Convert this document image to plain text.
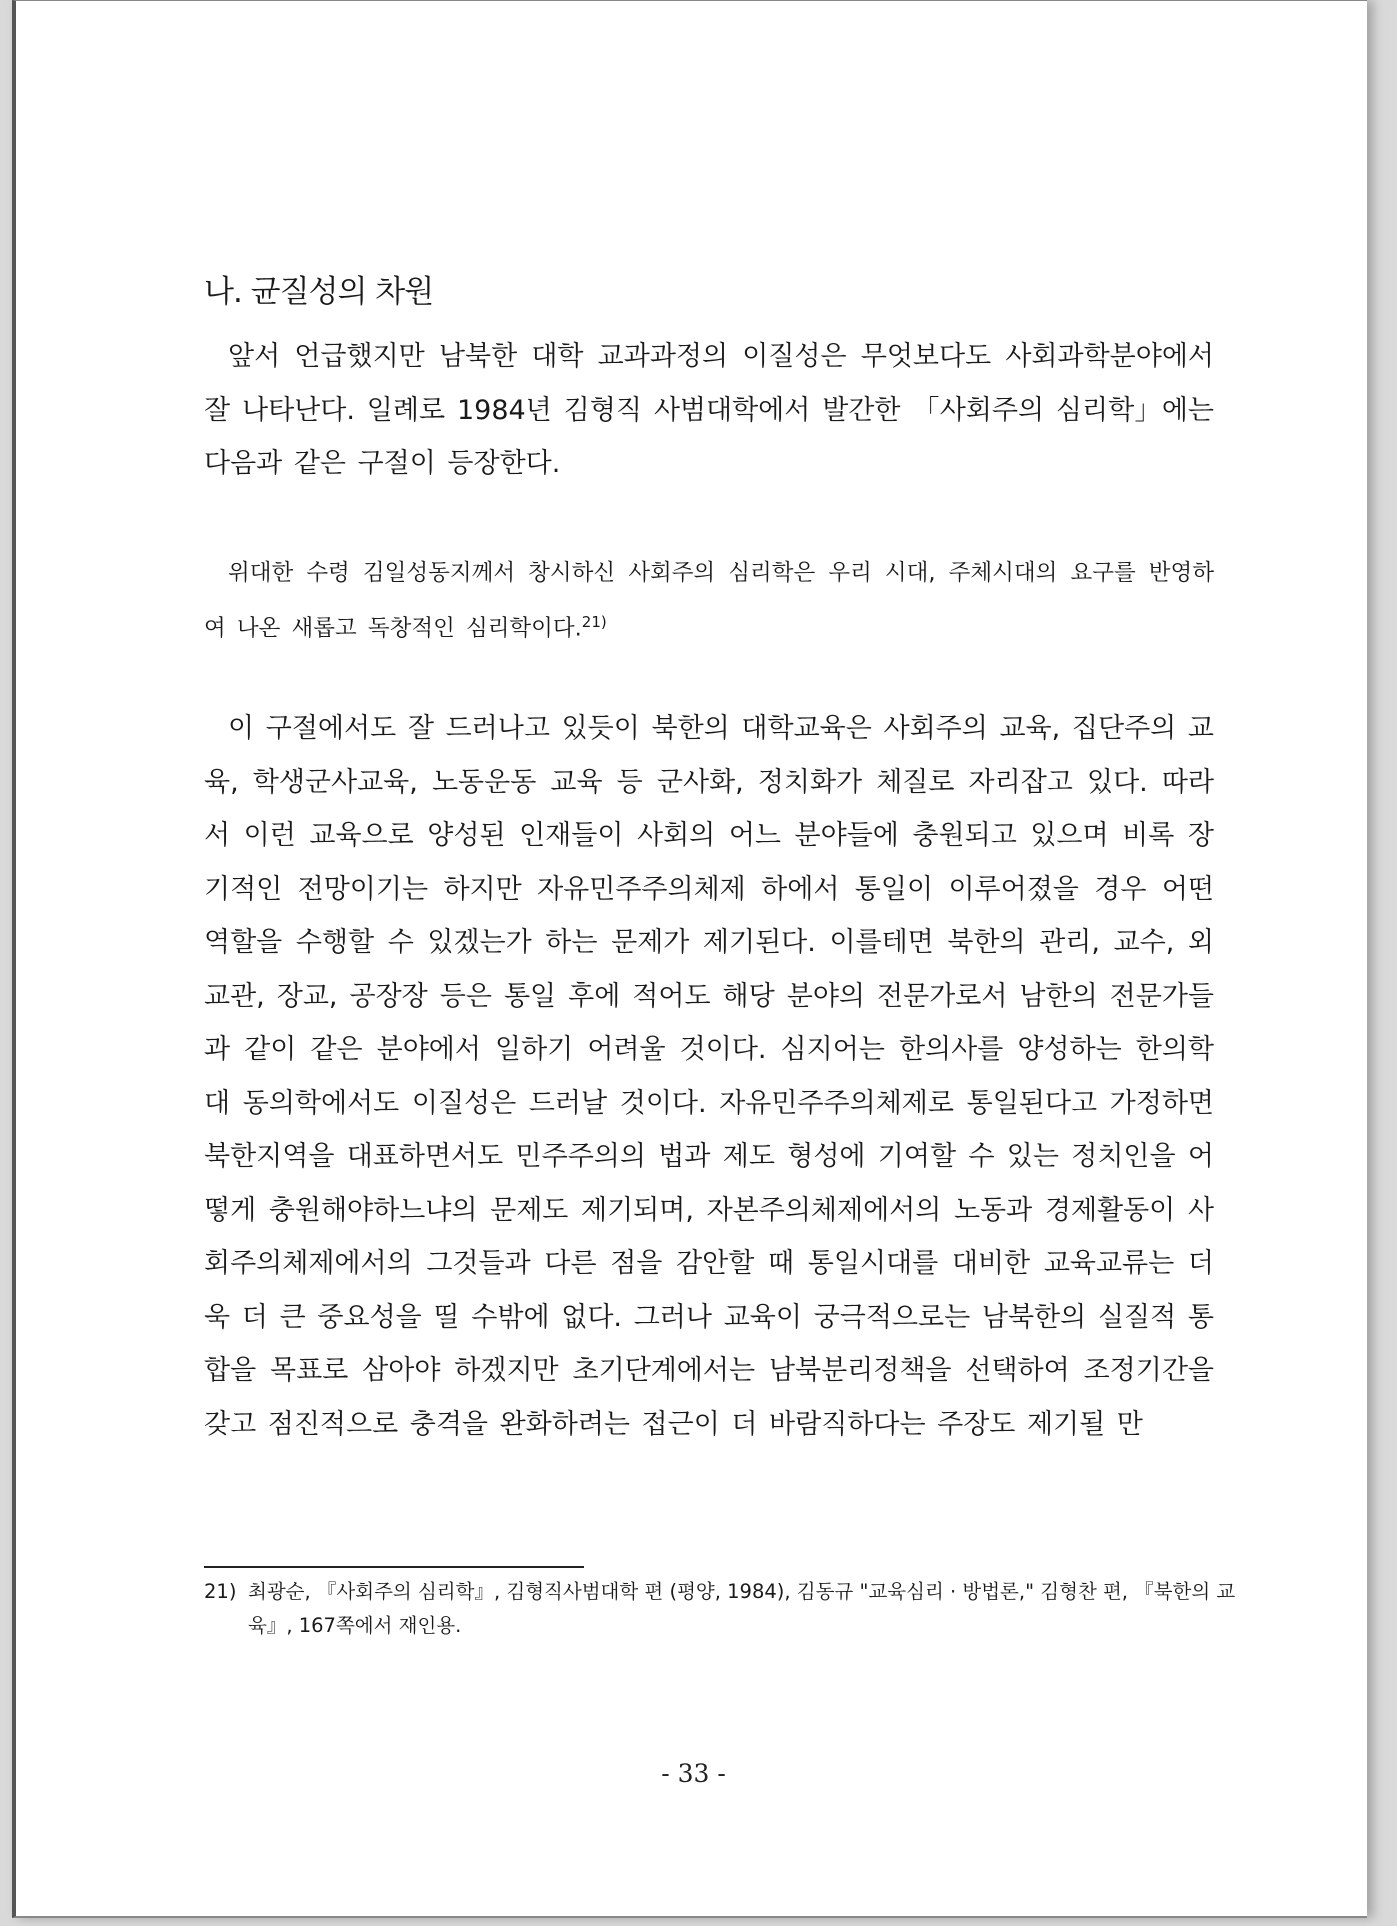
나. 균질성의 차원

앞서 언급했지만 남북한 대학 교과과정의 이질성은 무엇보다도 사회과학분야에서 잘 나타난다. 일례로 1984년 김형직 사범대학에서 발간한 「사회주의 심리학」에는 다음과 같은 구절이 등장한다.

위대한 수령 김일성동지께서 창시하신 사회주의 심리학은 우리 시대, 주체시대의 요구를 반영하여 나온 새롭고 독창적인 심리학이다.$^{21)}$

이 구절에서도 잘 드러나고 있듯이 북한의 대학교육은 사회주의 교육, 집단주의 교육, 학생군사교육, 노동운동 교육 등 군사화, 정치화가 체질로 자리잡고 있다. 따라서 이런 교육으로 양성된 인재들이 사회의 어느 분야들에 충원되고 있으며 비록 장기적인 전망이기는 하지만 자유민주주의체제 하에서 통일이 이루어졌을 경우 어떤 역할을 수행할 수 있겠는가 하는 문제가 제기된다. 이를테면 북한의 관리, 교수, 외교관, 장교, 공장장 등은 통일 후에 적어도 해당 분야의 전문가로서 남한의 전문가들과 같이 같은 분야에서 일하기 어려울 것이다. 심지어는 한의사를 양성하는 한의학대 동의학에서도 이질성은 드러날 것이다. 자유민주주의체제로 통일된다고 가정하면 북한지역을 대표하면서도 민주주의의 법과 제도 형성에 기여할 수 있는 정치인을 어떻게 충원해야하느냐의 문제도 제기되며, 자본주의체제에서의 노동과 경제활동이 사회주의체제에서의 그것들과 다른 점을 감안할 때 통일시대를 대비한 교육교류는 더욱 더 큰 중요성을 띨 수밖에 없다. 그러나 교육이 궁극적으로는 남북한의 실질적 통합을 목표로 삼아야 하겠지만 초기단계에서는 남북분리정책을 선택하여 조정기간을 갖고 점진적으로 충격을 완화하려는 접근이 더 바람직하다는 주장도 제기될 만

21) 최광순, 『사회주의 심리학』, 김형직사범대학 편 (평양, 1984), 김동규 "교육심리 · 방법론," 김형찬 편, 『북한의 교육』, 167쪽에서 재인용.

- 33 -
